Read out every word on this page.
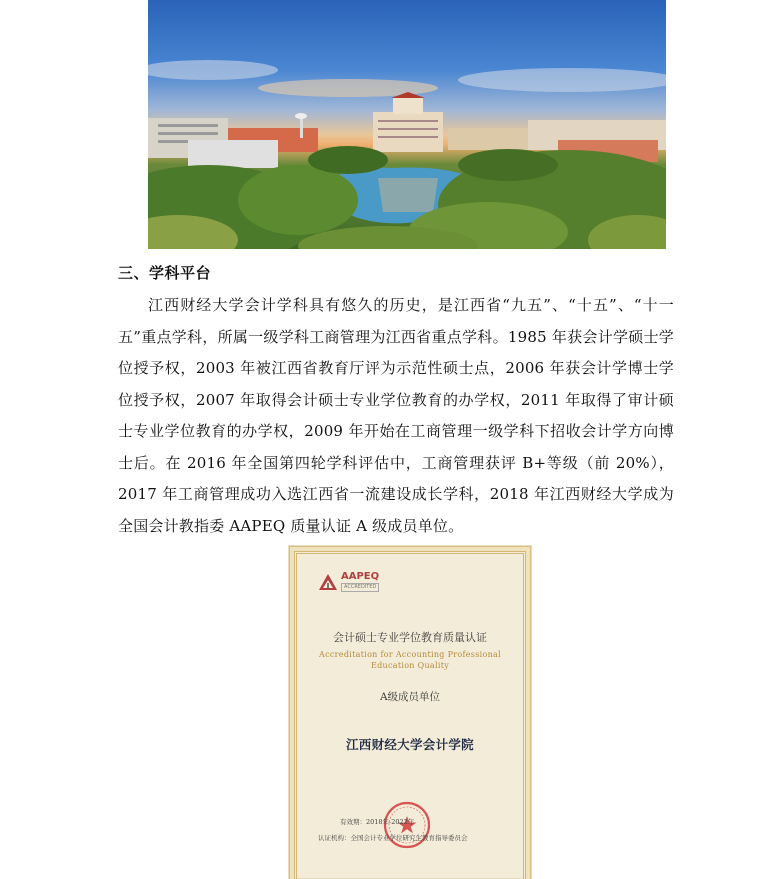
三、学科平台
江西财经大学会计学科具有悠久的历史，是江西省“九五”、“十五”、“十一五”重点学科，所属一级学科工商管理为江西省重点学科。1985 年获会计学硕士学位授予权，2003 年被江西省教育厅评为示范性硕士点，2006 年获会计学博士学位授予权，2007 年取得会计硕士专业学位教育的办学权，2011 年取得了审计硕士专业学位教育的办学权，2009 年开始在工商管理一级学科下招收会计学方向博士后。在 2016 年全国第四轮学科评估中，工商管理获评 B+等级（前 20%），2017 年工商管理成功入选江西省一流建设成长学科，2018 年江西财经大学成为全国会计教指委 AAPEQ 质量认证 A 级成员单位。
AAPEQ
ACCREDITED
会计硕士专业学位教育质量认证
Accreditation for Accounting Professional Education Quality
A级成员单位
江西财经大学会计学院
有效期：2018年-2022年
认证机构：全国会计专业学位研究生教育指导委员会
